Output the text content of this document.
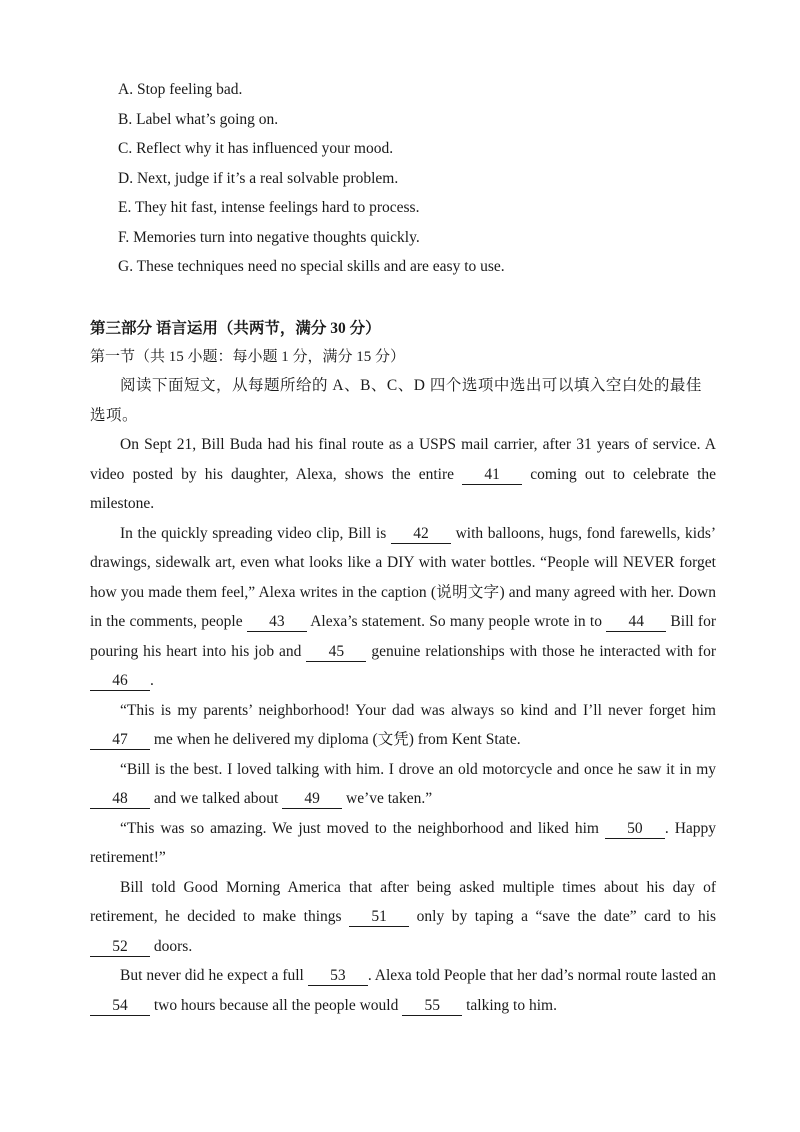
A. Stop feeling bad.
B. Label what’s going on.
C. Reflect why it has influenced your mood.
D. Next, judge if it’s a real solvable problem.
E. They hit fast, intense feelings hard to process.
F. Memories turn into negative thoughts quickly.
G. These techniques need no special skills and are easy to use.
第三部分 语言运用（共两节，满分 30 分）
第一节（共 15 小题：每小题 1 分，满分 15 分）

阅读下面短文，从每题所给的 A、B、C、D 四个选项中选出可以填入空白处的最佳选项。

On Sept 21, Bill Buda had his final route as a USPS mail carrier, after 31 years of service. A video posted by his daughter, Alexa, shows the entire 41 coming out to celebrate the milestone.

In the quickly spreading video clip, Bill is 42 with balloons, hugs, fond farewells, kids’ drawings, sidewalk art, even what looks like a DIY with water bottles. “People will NEVER forget how you made them feel,” Alexa writes in the caption (说明文字) and many agreed with her. Down in the comments, people 43 Alexa’s statement. So many people wrote in to 44 Bill for pouring his heart into his job and 45 genuine relationships with those he interacted with for 46 .

“This is my parents’ neighborhood! Your dad was always so kind and I’ll never forget him 47 me when he delivered my diploma (文凭) from Kent State.

“Bill is the best. I loved talking with him. I drove an old motorcycle and once he saw it in my 48 and we talked about 49 we’ve taken.”

“This was so amazing. We just moved to the neighborhood and liked him 50 . Happy retirement!”

Bill told Good Morning America that after being asked multiple times about his day of retirement, he decided to make things 51 only by taping a “save the date” card to his 52 doors.

But never did he expect a full 53 . Alexa told People that her dad’s normal route lasted an 54 two hours because all the people would 55 talking to him.
